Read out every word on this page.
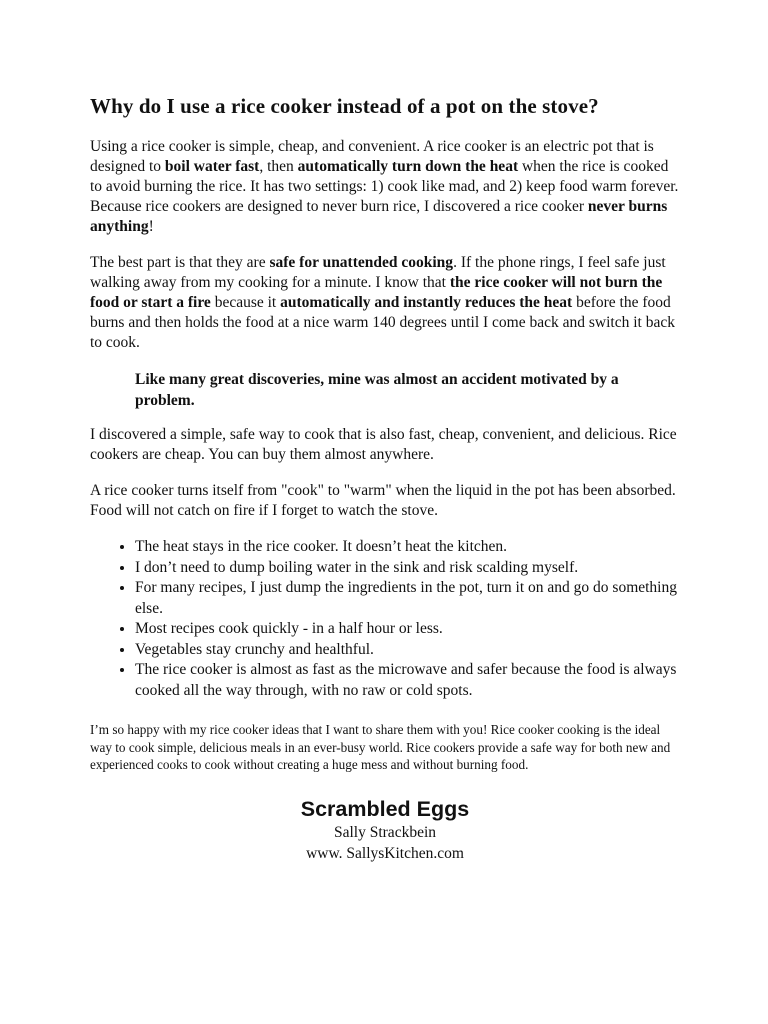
Why do I use a rice cooker instead of a pot on the stove?

Using a rice cooker is simple, cheap, and convenient. A rice cooker is an electric pot that is designed to boil water fast, then automatically turn down the heat when the rice is cooked to avoid burning the rice. It has two settings: 1) cook like mad, and 2) keep food warm forever. Because rice cookers are designed to never burn rice, I discovered a rice cooker never burns anything!

The best part is that they are safe for unattended cooking. If the phone rings, I feel safe just walking away from my cooking for a minute. I know that the rice cooker will not burn the food or start a fire because it automatically and instantly reduces the heat before the food burns and then holds the food at a nice warm 140 degrees until I come back and switch it back to cook.

Like many great discoveries, mine was almost an accident motivated by a problem.

I discovered a simple, safe way to cook that is also fast, cheap, convenient, and delicious. Rice cookers are cheap. You can buy them almost anywhere.

A rice cooker turns itself from "cook" to "warm" when the liquid in the pot has been absorbed. Food will not catch on fire if I forget to watch the stove.

• The heat stays in the rice cooker. It doesn’t heat the kitchen.
• I don’t need to dump boiling water in the sink and risk scalding myself.
• For many recipes, I just dump the ingredients in the pot, turn it on and go do something else.
• Most recipes cook quickly - in a half hour or less.
• Vegetables stay crunchy and healthful.
• The rice cooker is almost as fast as the microwave and safer because the food is always cooked all the way through, with no raw or cold spots.

I’m so happy with my rice cooker ideas that I want to share them with you! Rice cooker cooking is the ideal way to cook simple, delicious meals in an ever-busy world. Rice cookers provide a safe way for both new and experienced cooks to cook without creating a huge mess and without burning food.

Scrambled Eggs
Sally Strackbein
www. SallysKitchen.com
